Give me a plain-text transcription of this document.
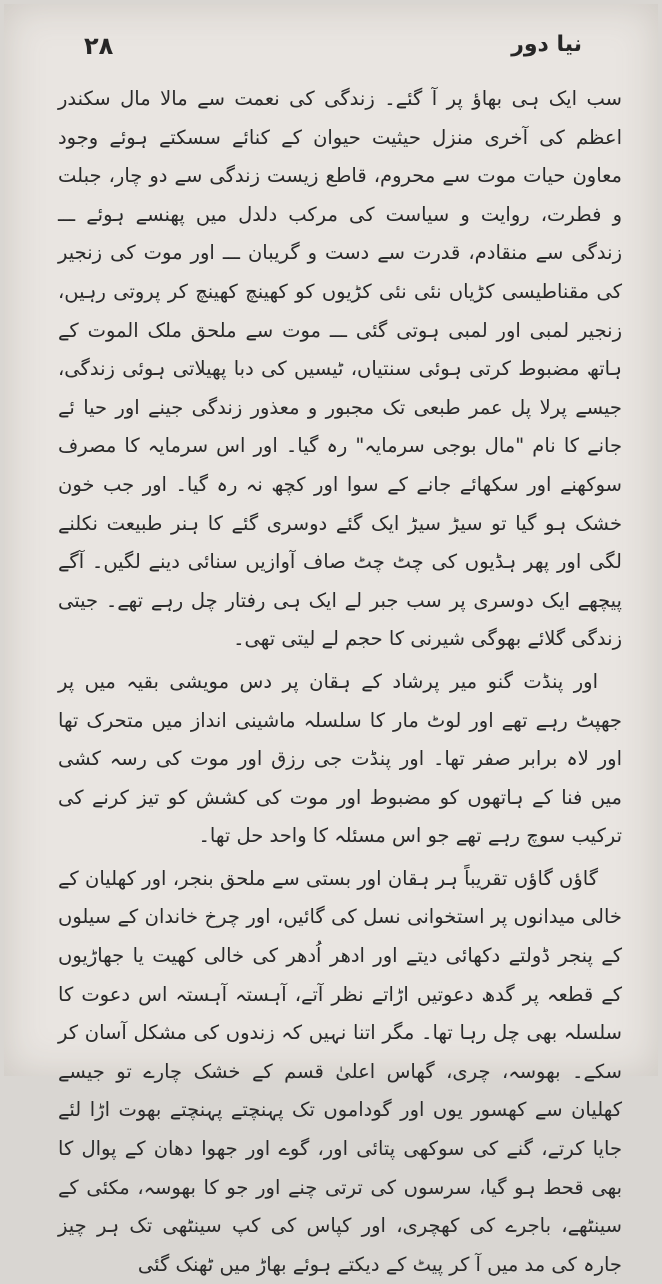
۲۸	نیا دور

سب ایک ہی بھاؤ پر آ گئے۔ زندگی کی نعمت سے مالا مال سکندر اعظم کی آخری منزل حیثیت حیوان کے کنائے سسکتے ہوئے وجود معاون حیات موت سے محروم، قاطع زیست زندگی سے دو چار، جبلت و فطرت، روایت و سیاست کی مرکب دلدل میں پھنسے ہوئے ـــ زندگی سے منقادم، قدرت سے دست و گریبان ـــ اور موت کی زنجیر کی مقناطیسی کڑیاں نئی نئی کڑیوں کو کھینچ کھینچ کر پروتی رہیں، زنجیر لمبی اور لمبی ہوتی گئی ـــ موت سے ملحق ملک الموت کے ہاتھ مضبوط کرتی ہوئی سنتیاں، ٹیسیں کی دبا پھیلاتی ہوئی زندگی، جیسے پرلا پل عمر طبعی تک مجبور و معذور زندگی جینے اور حیا ئے جانے کا نام "مال بوجی سرمایہ" رہ گیا۔ اور اس سرمایہ کا مصرف سوکھنے اور سکھائے جانے کے سوا اور کچھ نہ رہ گیا۔ اور جب خون خشک ہو گیا تو سیڑ سیڑ ایک گئے دوسری گئے کا ہنر طبیعت نکلنے لگی اور پھر ہڈیوں کی چٹ چٹ صاف آوازیں سنائی دینے لگیں۔ آگے پیچھے ایک دوسری پر سب جبر لے ایک ہی رفتار چل رہے تھے۔ جیتی زندگی گلائے بھوگی شیرنی کا حجم لے لیتی تھی۔

اور پنڈت گنو میر پرشاد کے ہقان پر دس مویشی بقیہ میں پر جھپٹ رہے تھے اور لوٹ مار کا سلسلہ ماشینی انداز میں متحرک تھا اور لاہ برابر صفر تھا۔ اور پنڈت جی رزق اور موت کی رسہ کشی میں فنا کے ہاتھوں کو مضبوط اور موت کی کشش کو تیز کرنے کی ترکیب سوچ رہے تھے جو اس مسئلہ کا واحد حل تھا۔

گاؤں گاؤں تقریباً ہر ہقان اور بستی سے ملحق بنجر، اور کھلیان کے خالی میدانوں پر استخوانی نسل کی گائیں، اور چرخ خاندان کے سیلوں کے پنجر ڈولتے دکھائی دیتے اور ادھر اُدھر کی خالی کھیت یا جھاڑیوں کے قطعہ پر گدھ دعوتیں اڑاتے نظر آتے، آہستہ آہستہ اس دعوت کا سلسلہ بھی چل رہا تھا۔ مگر اتنا نہیں کہ زندوں کی مشکل آسان کر سکے۔ بھوسہ، چری، گھاس اعلیٰ قسم کے خشک چارے تو جیسے کھلیان سے کھسور یوں اور گوداموں تک پہنچتے پہنچتے بھوت اڑا لئے جایا کرتے، گنے کی سوکھی پتائی اور، گوے اور جھوا دھان کے پوال کا بھی قحط ہو گیا، سرسوں کی ترتی چنے اور جو کا بھوسہ، مکئی کے سینٹھے، باجرے کی کھچری، اور کپاس کی کپ سینٹھی تک ہر چیز جارہ کی مد میں آ کر پیٹ کے دیکتے ہوئے بھاڑ میں ٹھنک گئی
